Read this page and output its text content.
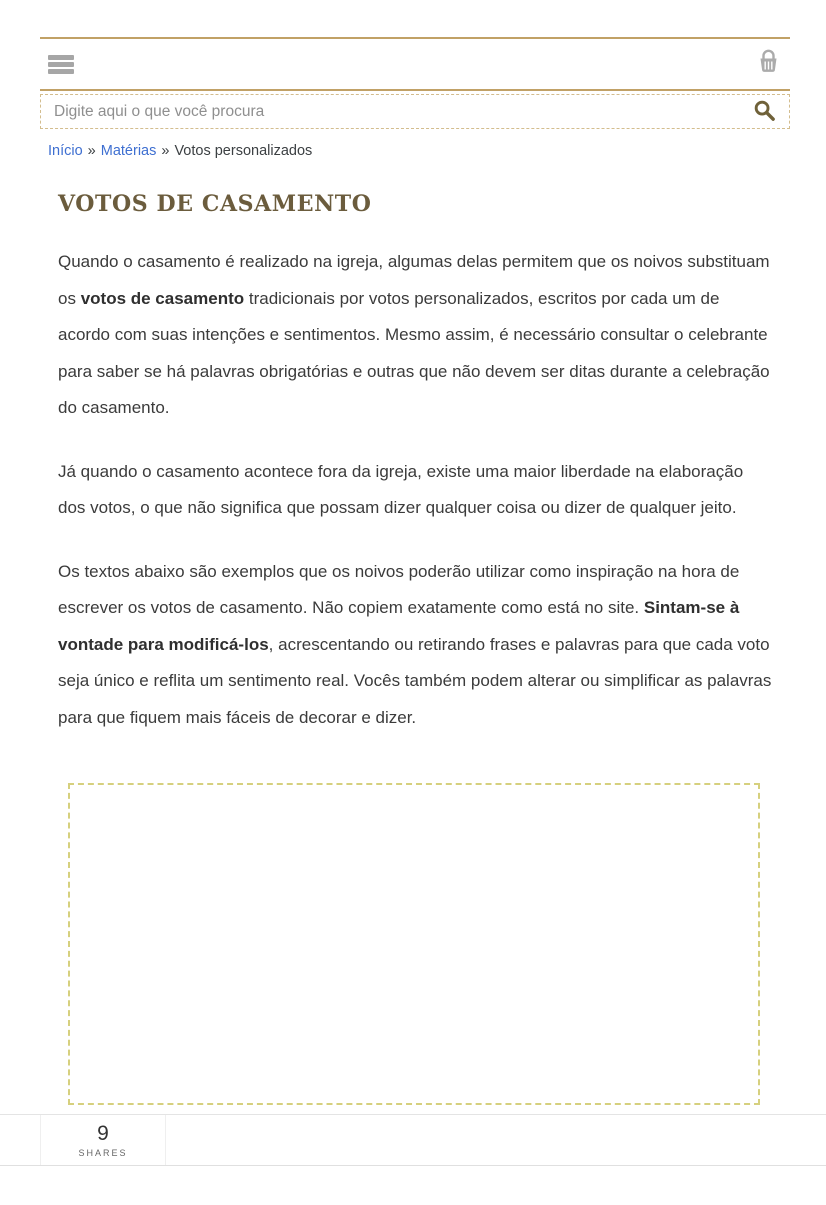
Digite aqui o que você procura
Início » Matérias » Votos personalizados
VOTOS DE CASAMENTO

Quando o casamento é realizado na igreja, algumas delas permitem que os noivos substituam os votos de casamento tradicionais por votos personalizados, escritos por cada um de acordo com suas intenções e sentimentos. Mesmo assim, é necessário consultar o celebrante para saber se há palavras obrigatórias e outras que não devem ser ditas durante a celebração do casamento.

Já quando o casamento acontece fora da igreja, existe uma maior liberdade na elaboração dos votos, o que não significa que possam dizer qualquer coisa ou dizer de qualquer jeito.

Os textos abaixo são exemplos que os noivos poderão utilizar como inspiração na hora de escrever os votos de casamento. Não copiem exatamente como está no site. Sintam-se à vontade para modificá-los, acrescentando ou retirando frases e palavras para que cada voto seja único e reflita um sentimento real. Vocês também podem alterar ou simplificar as palavras para que fiquem mais fáceis de decorar e dizer.

9
SHARES
